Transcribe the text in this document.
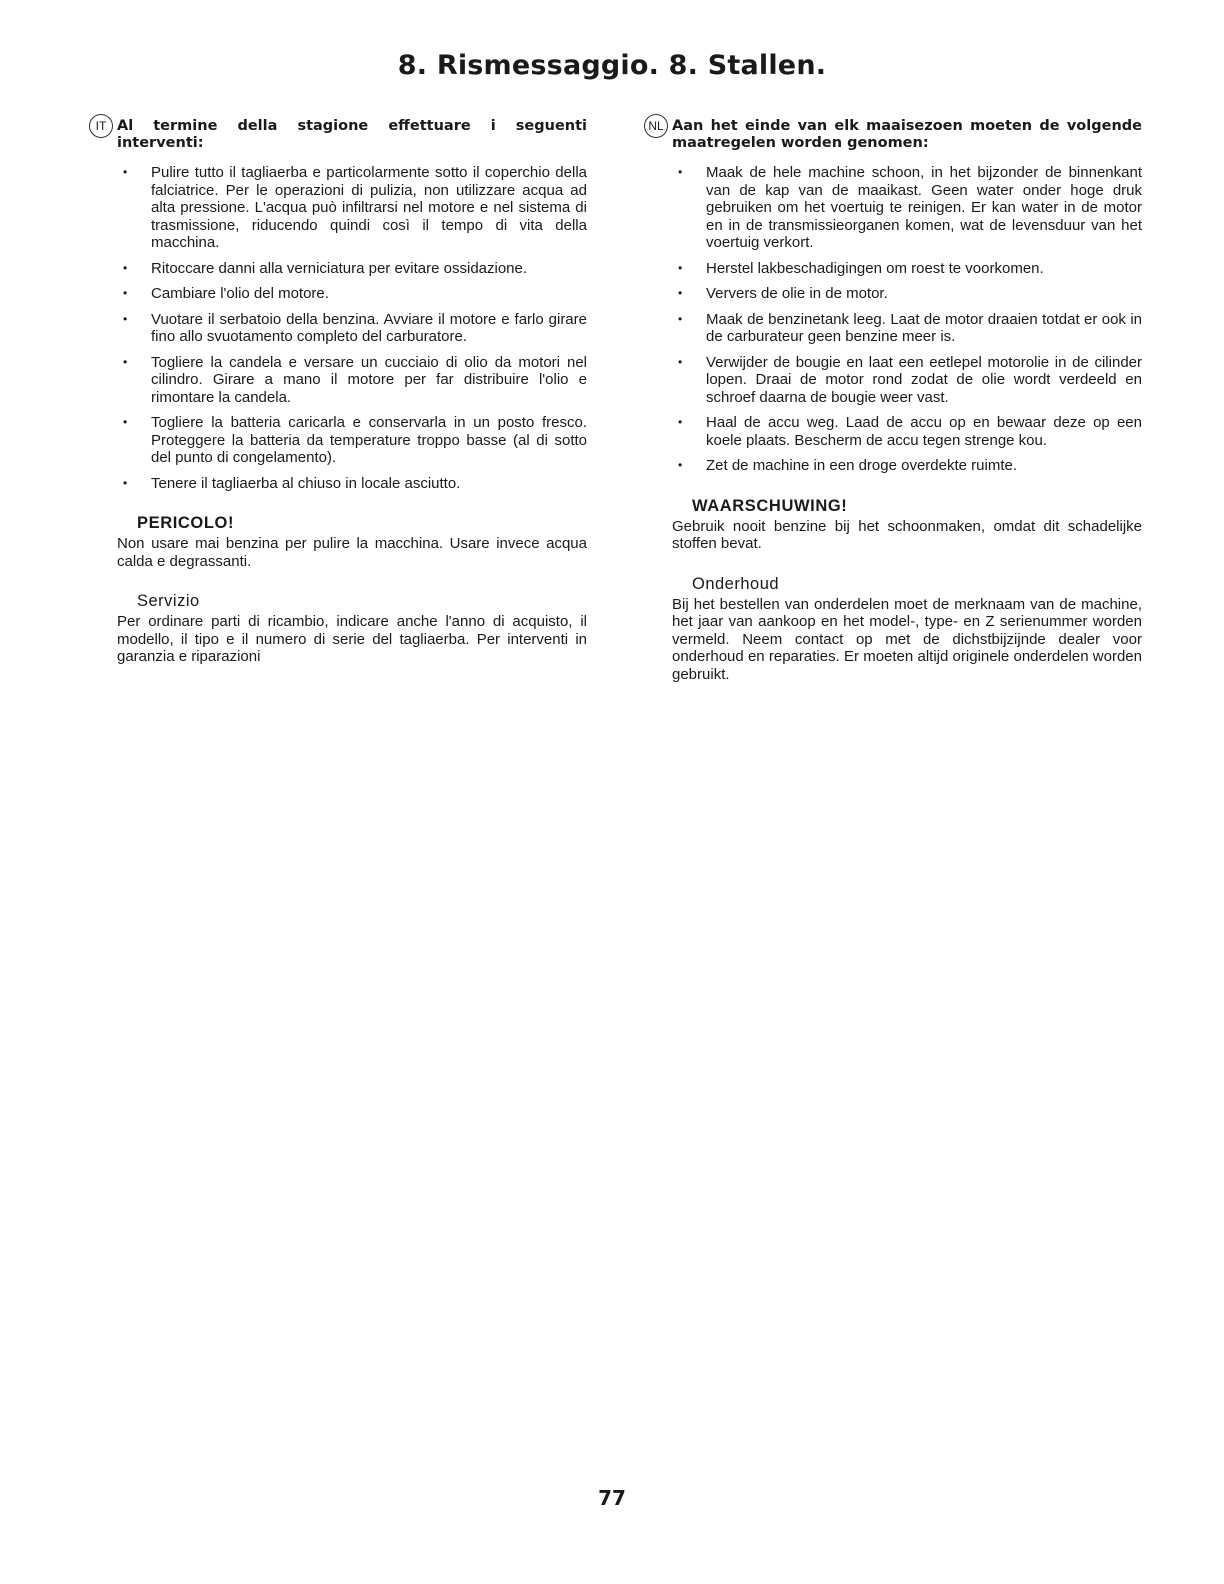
8. Rismessaggio. 8. Stallen.

IT Al termine della stagione effettuare i seguenti interventi:

• Pulire tutto il tagliaerba e particolarmente sotto il coperchio della falciatrice. Per le operazioni di pulizia, non utilizzare acqua ad alta pressione. L'acqua può infiltrarsi nel motore e nel sistema di trasmissione, riducendo quindi così il tempo di vita della macchina.
• Ritoccare danni alla verniciatura per evitare ossidazione.
• Cambiare l'olio del motore.
• Vuotare il serbatoio della benzina. Avviare il motore e farlo girare fino allo svuotamento completo del carburatore.
• Togliere la candela e versare un cucciaio di olio da motori nel cilindro. Girare a mano il motore per far distribuire l'olio e rimontare la candela.
• Togliere la batteria caricarla e conservarla in un posto fresco. Proteggere la batteria da temperature troppo basse (al di sotto del punto di congelamento).
• Tenere il tagliaerba al chiuso in locale asciutto.
PERICOLO!

Non usare mai benzina per pulire la macchina. Usare invece acqua calda e degrassanti.

Servizio

Per ordinare parti di ricambio, indicare anche l'anno di acquisto, il modello, il tipo e il numero di serie del tagliaerba. Per interventi in garanzia e riparazioni

NL Aan het einde van elk maaisezoen moeten de volgende maatregelen worden genomen:

• Maak de hele machine schoon, in het bijzonder de binnenkant van de kap van de maaikast. Geen water onder hoge druk gebruiken om het voertuig te reinigen. Er kan water in de motor en in de transmissieorganen komen, wat de levensduur van het voertuig verkort.
• Herstel lakbeschadigingen om roest te voorkomen.
• Ververs de olie in de motor.
• Maak de benzinetank leeg. Laat de motor draaien totdat er ook in de carburateur geen benzine meer is.
• Verwijder de bougie en laat een eetlepel motorolie in de cilinder lopen. Draai de motor rond zodat de olie wordt verdeeld en schroef daarna de bougie weer vast.
• Haal de accu weg. Laad de accu op en bewaar deze op een koele plaats. Bescherm de accu tegen strenge kou.
• Zet de machine in een droge overdekte ruimte.
WAARSCHUWING!

Gebruik nooit benzine bij het schoonmaken, omdat dit schadelijke stoffen bevat.

Onderhoud

Bij het bestellen van onderdelen moet de merknaam van de machine, het jaar van aankoop en het model-, type- en Z serienummer worden vermeld. Neem contact op met de dichstbijzijnde dealer voor onderhoud en reparaties. Er moeten altijd originele onderdelen worden gebruikt.

77
